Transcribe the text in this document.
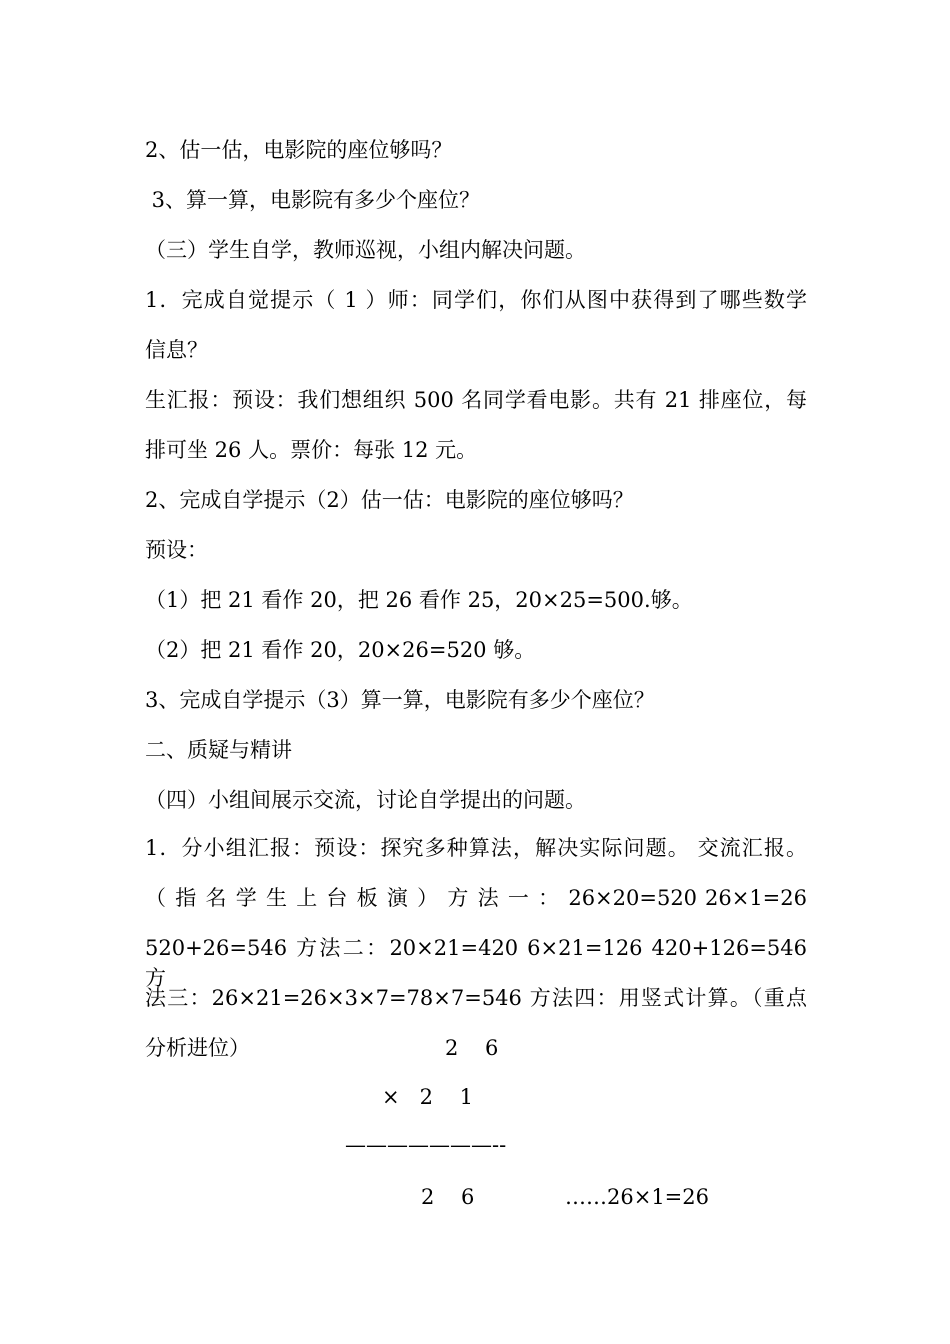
2、估一估，电影院的座位够吗？
3、算一算，电影院有多少个座位？
（三）学生自学，教师巡视，小组内解决问题。
1．完成自觉提示（ 1 ）师：同学们，你们从图中获得到了哪些数学
信息？
生汇报：预设：我们想组织 500 名同学看电影。共有 21 排座位，每
排可坐 26 人。票价：每张 12 元。
2、完成自学提示（2）估一估：电影院的座位够吗？
预设：
（1）把 21 看作 20，把 26 看作 25，20×25=500.够。
（2）把 21 看作 20，20×26=520 够。
3、完成自学提示（3）算一算，电影院有多少个座位？
二、质疑与精讲
（四）小组间展示交流，讨论自学提出的问题。
1．分小组汇报：预设：探究多种算法，解决实际问题。 交流汇报。
（ 指 名 学 生 上 台 板 演 ） 方 法 一 ： 26×20=520 26×1=26
520+26=546 方法二：20×21=420 6×21=126 420+126=546 方
法三：26×21=26×3×7=78×7=546 方法四：用竖式计算。（重点
分析进位）	2    6
×   2    1
———————--
2    6	……26×1=26
